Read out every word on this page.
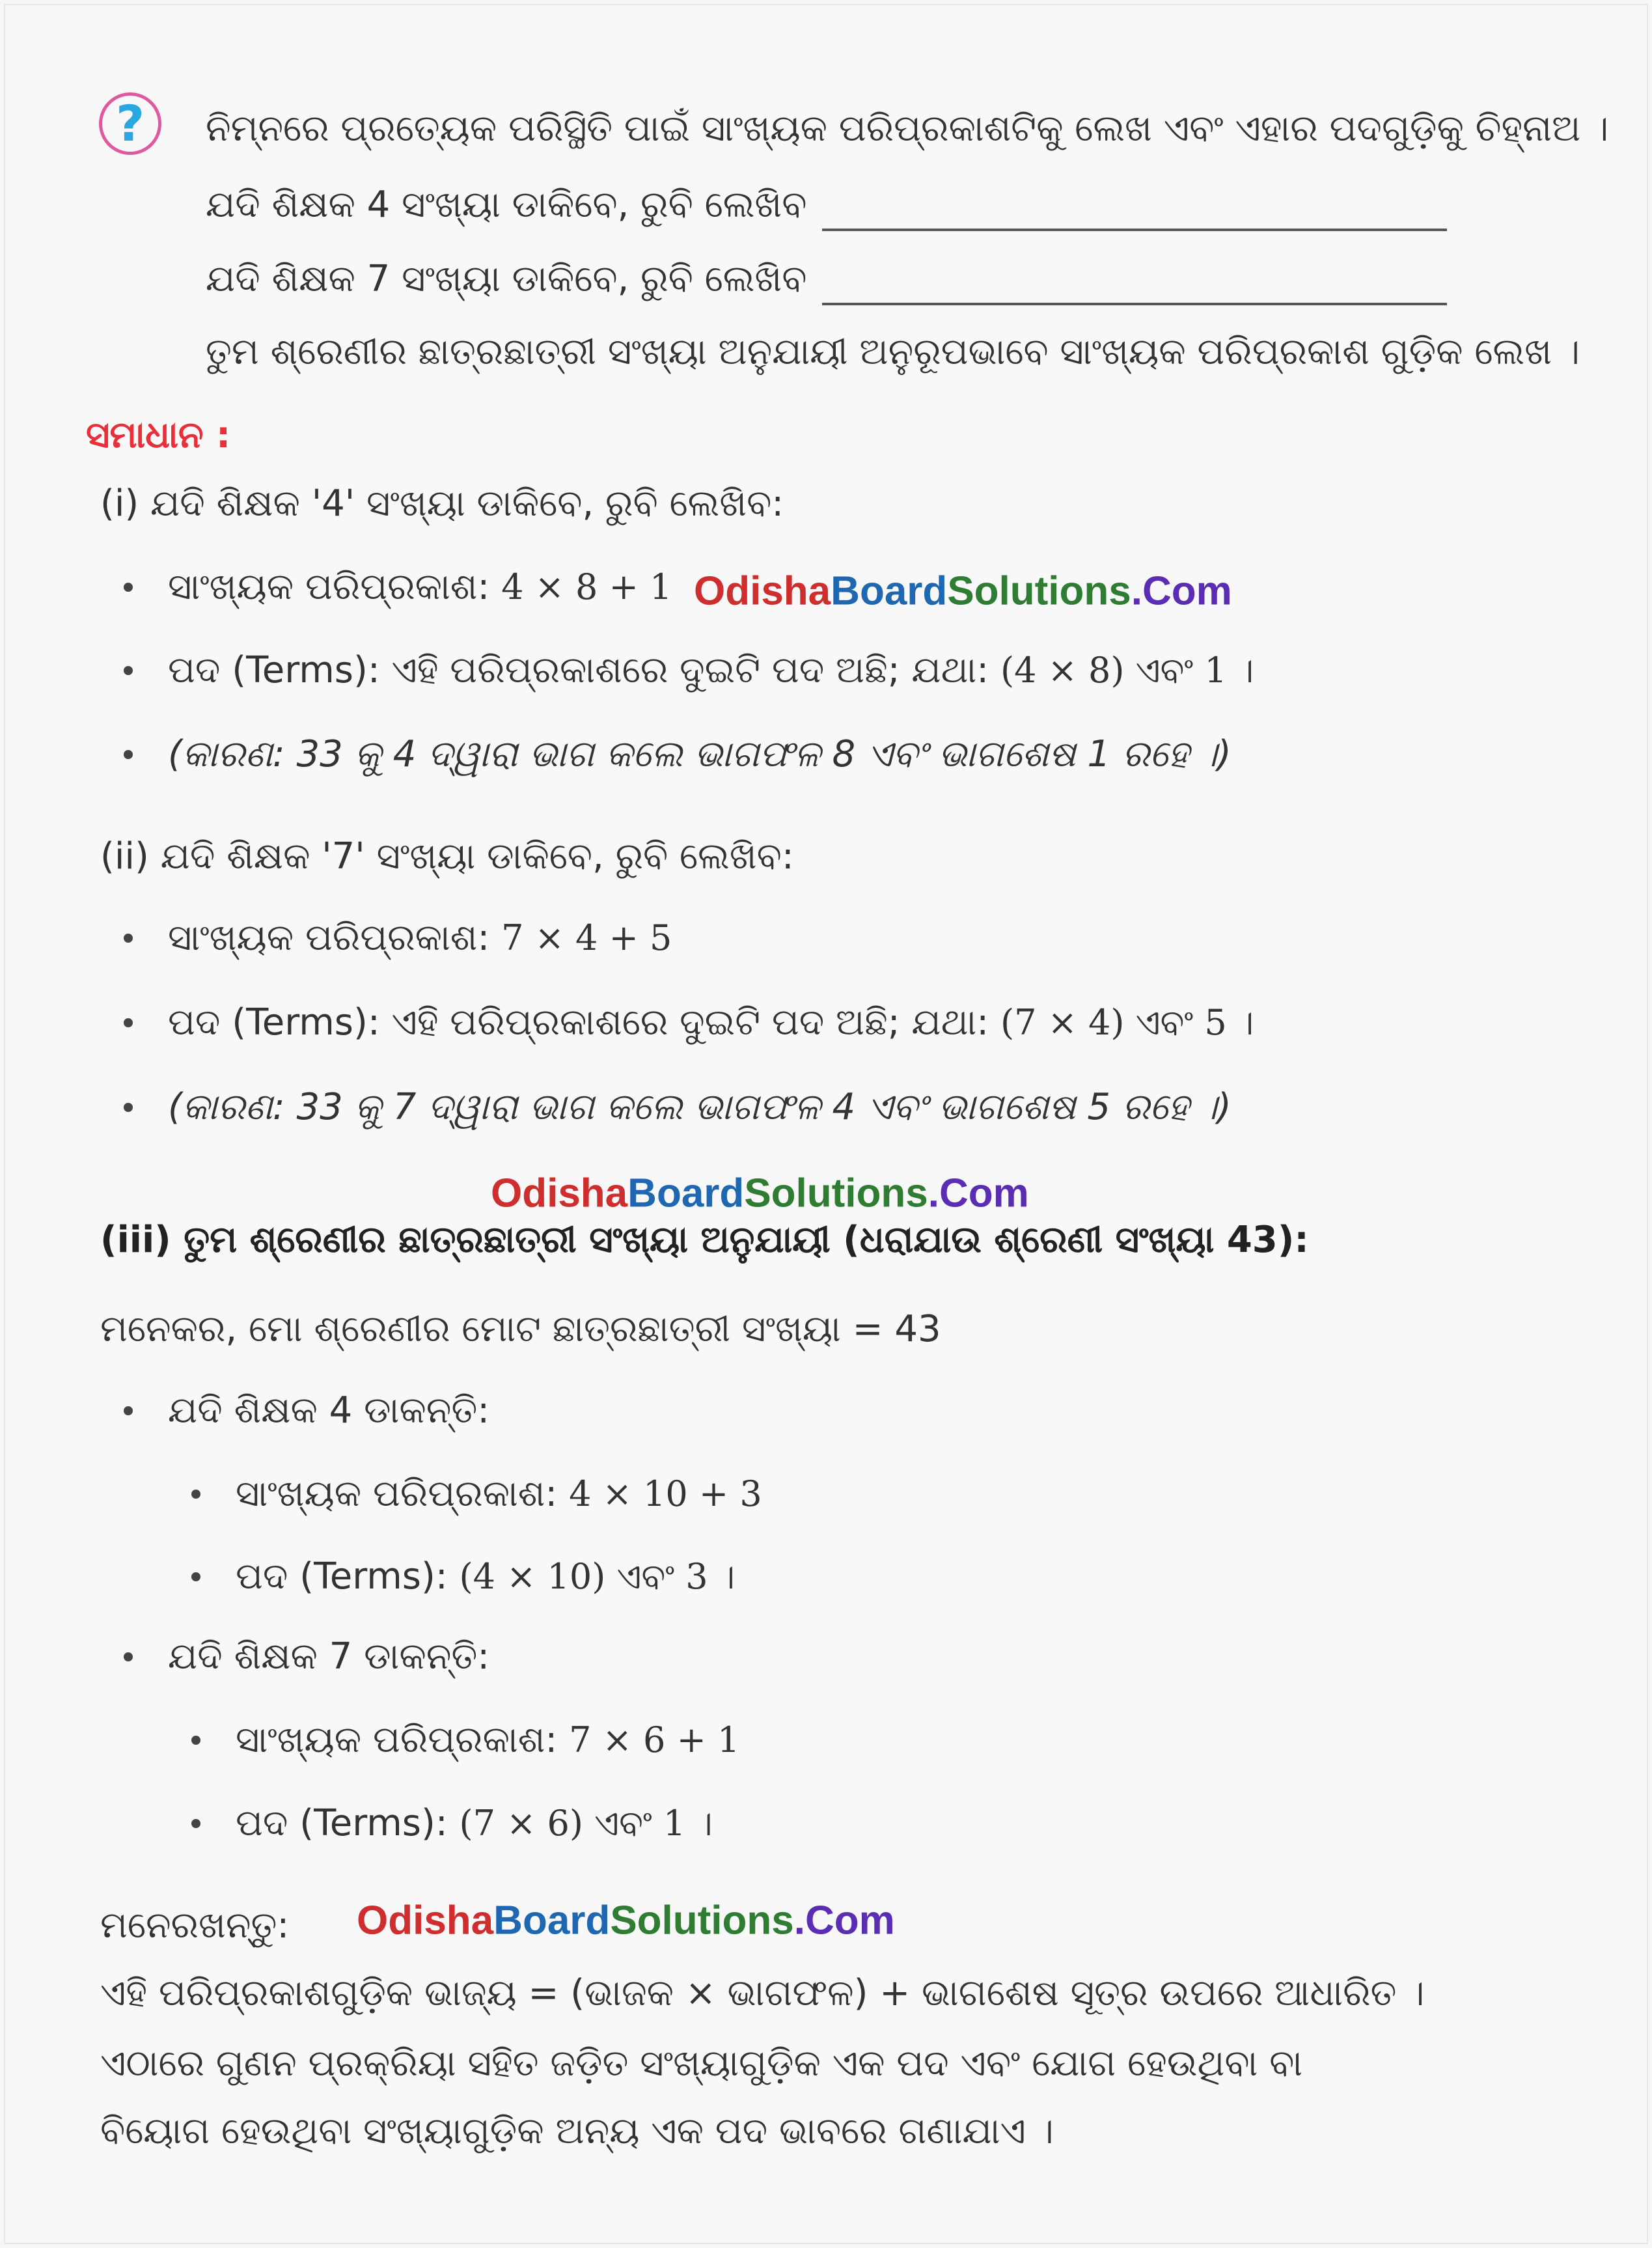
?	ନିମ୍ନରେ ପ୍ରତ୍ୟେକ ପରିସ୍ଥିତି ପାଇଁ ସାଂଖ୍ୟକ ପରିପ୍ରକାଶଟିକୁ ଲେଖ ଏବଂ ଏହାର ପଦଗୁଡ଼ିକୁ ଚିହ୍ନାଅ ।
ଯଦି ଶିକ୍ଷକ 4 ସଂଖ୍ୟା ଡାକିବେ, ରୁବି ଲେଖିବ
ଯଦି ଶିକ୍ଷକ 7 ସଂଖ୍ୟା ଡାକିବେ, ରୁବି ଲେଖିବ
ତୁମ ଶ୍ରେଣୀର ଛାତ୍ରଛାତ୍ରୀ ସଂଖ୍ୟା ଅନୁଯାୟୀ ଅନୁରୂପଭାବେ ସାଂଖ୍ୟକ ପରିପ୍ରକାଶ ଗୁଡ଼ିକ ଲେଖ ।
ସମାଧାନ :
(i) ଯଦି ଶିକ୍ଷକ '4' ସଂଖ୍ୟା ଡାକିବେ, ରୁବି ଲେଖିବ:
ସାଂଖ୍ୟକ ପରିପ୍ରକାଶ: 4 × 8 + 1 OdishaBoardSolutions.Com
ପଦ (Terms): ଏହି ପରିପ୍ରକାଶରେ ଦୁଇଟି ପଦ ଅଛି; ଯଥା: (4 × 8) ଏବଂ 1 ।
(କାରଣ: 33 କୁ 4 ଦ୍ୱାରା ଭାଗ କଲେ ଭାଗଫଳ 8 ଏବଂ ଭାଗଶେଷ 1 ରହେ ।)
(ii) ଯଦି ଶିକ୍ଷକ '7' ସଂଖ୍ୟା ଡାକିବେ, ରୁବି ଲେଖିବ:
ସାଂଖ୍ୟକ ପରିପ୍ରକାଶ: 7 × 4 + 5
ପଦ (Terms): ଏହି ପରିପ୍ରକାଶରେ ଦୁଇଟି ପଦ ଅଛି; ଯଥା: (7 × 4) ଏବଂ 5 ।
(କାରଣ: 33 କୁ 7 ଦ୍ୱାରା ଭାଗ କଲେ ଭାଗଫଳ 4 ଏବଂ ଭାଗଶେଷ 5 ରହେ ।)
OdishaBoardSolutions.Com
(iii) ତୁମ ଶ୍ରେଣୀର ଛାତ୍ରଛାତ୍ରୀ ସଂଖ୍ୟା ଅନୁଯାୟୀ (ଧରାଯାଉ ଶ୍ରେଣୀ ସଂଖ୍ୟା 43):
ମନେକର, ମୋ ଶ୍ରେଣୀର ମୋଟ ଛାତ୍ରଛାତ୍ରୀ ସଂଖ୍ୟା = 43
ଯଦି ଶିକ୍ଷକ 4 ଡାକନ୍ତି:
ସାଂଖ୍ୟକ ପରିପ୍ରକାଶ: 4 × 10 + 3
ପଦ (Terms): (4 × 10) ଏବଂ 3 ।
ଯଦି ଶିକ୍ଷକ 7 ଡାକନ୍ତି:
ସାଂଖ୍ୟକ ପରିପ୍ରକାଶ: 7 × 6 + 1
ପଦ (Terms): (7 × 6) ଏବଂ 1 ।
ମନେରଖନ୍ତୁ: OdishaBoardSolutions.Com
ଏହି ପରିପ୍ରକାଶଗୁଡ଼ିକ ଭାଜ୍ୟ = (ଭାଜକ × ଭାଗଫଳ) + ଭାଗଶେଷ ସୂତ୍ର ଉପରେ ଆଧାରିତ ।
ଏଠାରେ ଗୁଣନ ପ୍ରକ୍ରିୟା ସହିତ ଜଡ଼ିତ ସଂଖ୍ୟାଗୁଡ଼ିକ ଏକ ପଦ ଏବଂ ଯୋଗ ହେଉଥିବା ବା
ବିୟୋଗ ହେଉଥିବା ସଂଖ୍ୟାଗୁଡ଼ିକ ଅନ୍ୟ ଏକ ପଦ ଭାବରେ ଗଣାଯାଏ ।
